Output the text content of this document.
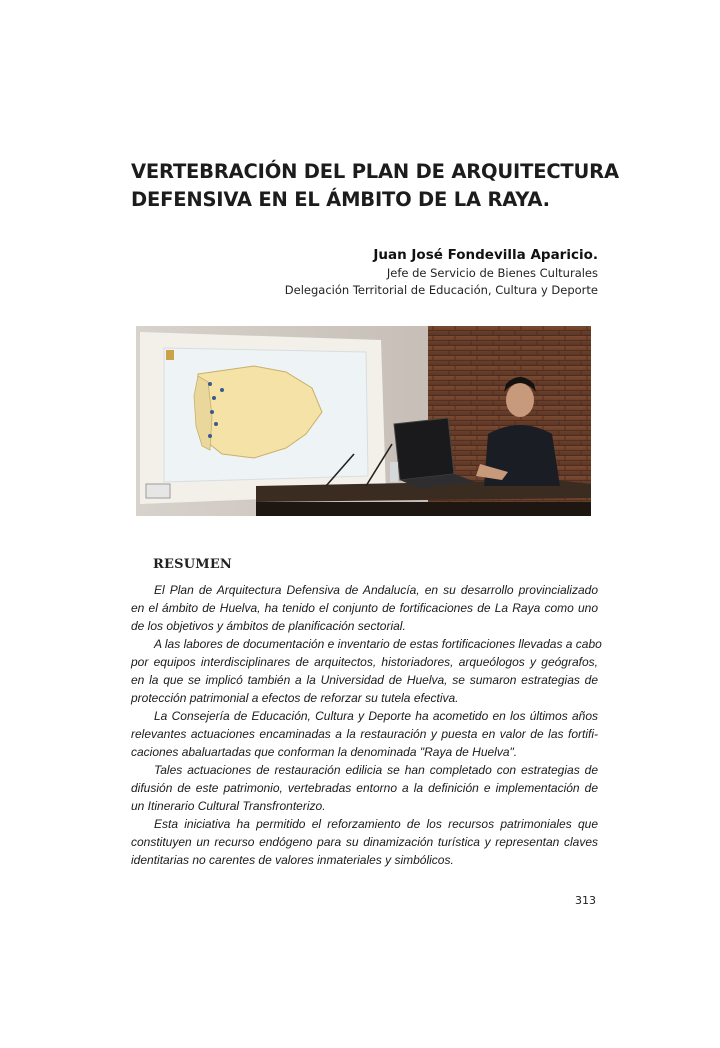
VERTEBRACIÓN DEL PLAN DE ARQUITECTURA
DEFENSIVA EN EL ÁMBITO DE LA RAYA.
Juan José Fondevilla Aparicio.
Jefe de Servicio de Bienes Culturales
Delegación Territorial de Educación, Cultura y Deporte
RESUMEN

El Plan de Arquitectura Defensiva de Andalucía, en su desarrollo provincializado
en el ámbito de Huelva, ha tenido el conjunto de fortificaciones de La Raya como uno
de los objetivos y ámbitos de planificación sectorial.

A las labores de documentación e inventario de estas fortificaciones llevadas a cabo
por equipos interdisciplinares de arquitectos, historiadores, arqueólogos y geógrafos,
en la que se implicó también a la Universidad de Huelva, se sumaron estrategias de
protección patrimonial a efectos de reforzar su tutela efectiva.

La Consejería de Educación, Cultura y Deporte ha acometido en los últimos años
relevantes actuaciones encaminadas a la restauración y puesta en valor de las fortifi-
caciones abaluartadas que conforman la denominada "Raya de Huelva".

Tales actuaciones de restauración edilicia se han completado con estrategias de
difusión de este patrimonio, vertebradas entorno a la definición e implementación de
un Itinerario Cultural Transfronterizo.

Esta iniciativa ha permitido el reforzamiento de los recursos patrimoniales que
constituyen un recurso endógeno para su dinamización turística y representan claves
identitarias no carentes de valores inmateriales y simbólicos.

313
